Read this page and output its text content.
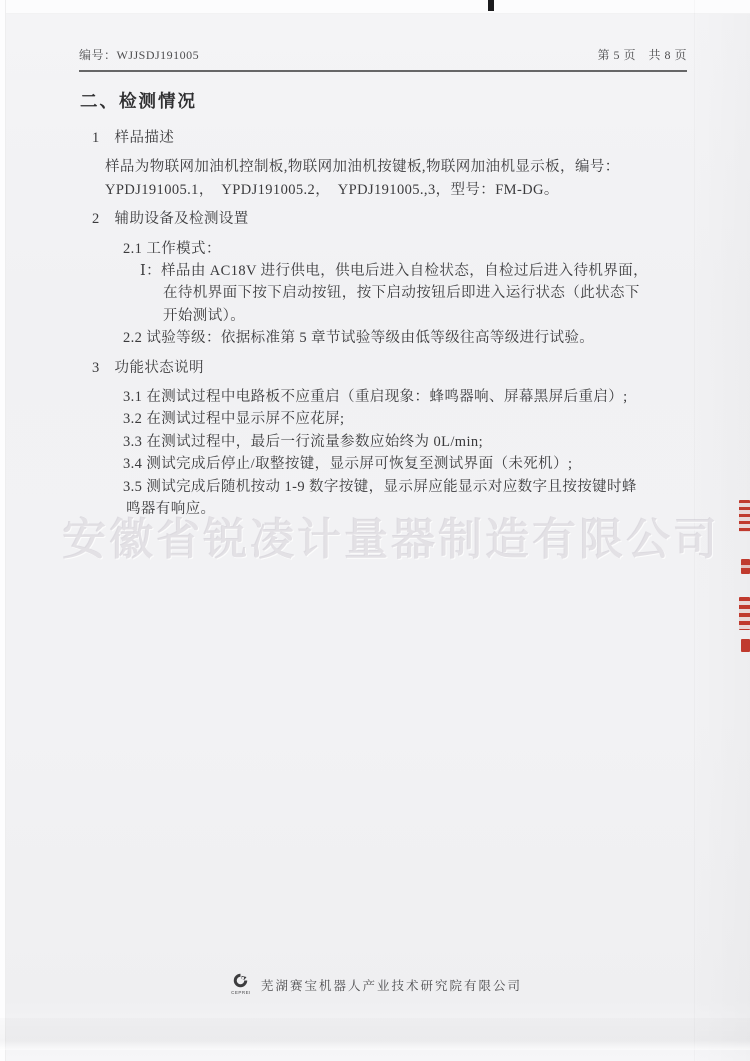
编号：WJJSDJ191005	第 5 页　共 8 页
二、检测情况
1　样品描述
样品为物联网加油机控制板,物联网加油机按键板,物联网加油机显示板，编号：
YPDJ191005.1，　YPDJ191005.2，　YPDJ191005.,3，型号：FM-DG。
2　辅助设备及检测设置
2.1 工作模式：
Ⅰ：样品由 AC18V 进行供电，供电后进入自检状态，自检过后进入待机界面，
在待机界面下按下启动按钮，按下启动按钮后即进入运行状态（此状态下
开始测试）。
2.2 试验等级：依据标准第 5 章节试验等级由低等级往高等级进行试验。
3　功能状态说明
3.1 在测试过程中电路板不应重启（重启现象：蜂鸣器响、屏幕黑屏后重启）;
3.2 在测试过程中显示屏不应花屏;
3.3 在测试过程中，最后一行流量参数应始终为 0L/min;
3.4 测试完成后停止/取整按键，显示屏可恢复至测试界面（未死机）;
3.5 测试完成后随机按动 1-9 数字按键，显示屏应能显示对应数字且按按键时蜂
鸣器有响应。
安徽省锐凌计量器制造有限公司
CEPREI 芜湖赛宝机器人产业技术研究院有限公司
